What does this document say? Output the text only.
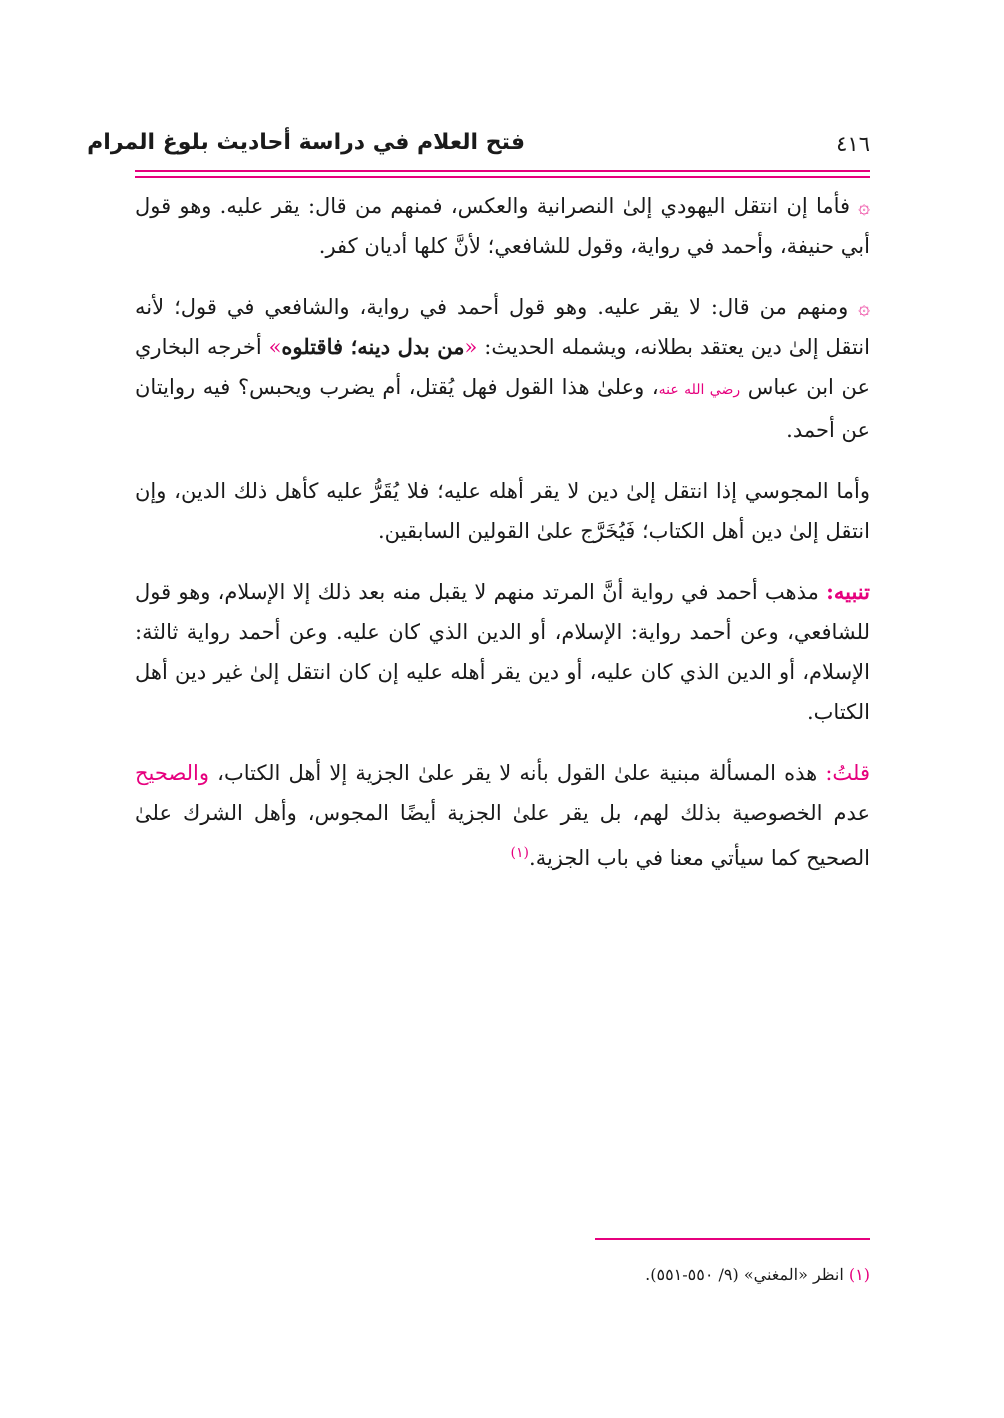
فتح العلام في دراسة أحاديث بلوغ المرام	٤١٦

۞ فأما إن انتقل اليهودي إلىٰ النصرانية والعكس، فمنهم من قال: يقر عليه. وهو قول أبي حنيفة، وأحمد في رواية، وقول للشافعي؛ لأنَّ كلها أديان كفر.

۞ ومنهم من قال: لا يقر عليه. وهو قول أحمد في رواية، والشافعي في قول؛ لأنه انتقل إلىٰ دين يعتقد بطلانه، ويشمله الحديث: «من بدل دينه؛ فاقتلوه» أخرجه البخاري عن ابن عباس رضي الله عنه، وعلىٰ هذا القول فهل يُقتل، أم يضرب ويحبس؟ فيه روايتان عن أحمد.

وأما المجوسي إذا انتقل إلىٰ دين لا يقر أهله عليه؛ فلا يُقَرُّ عليه كأهل ذلك الدين، وإن انتقل إلىٰ دين أهل الكتاب؛ فَيُخَرَّج علىٰ القولين السابقين.

تنبيه: مذهب أحمد في رواية أنَّ المرتد منهم لا يقبل منه بعد ذلك إلا الإسلام، وهو قول للشافعي، وعن أحمد رواية: الإسلام، أو الدين الذي كان عليه. وعن أحمد رواية ثالثة: الإسلام، أو الدين الذي كان عليه، أو دين يقر أهله عليه إن كان انتقل إلىٰ غير دين أهل الكتاب.

قلتُ: هذه المسألة مبنية علىٰ القول بأنه لا يقر علىٰ الجزية إلا أهل الكتاب، والصحيح عدم الخصوصية بذلك لهم، بل يقر علىٰ الجزية أيضًا المجوس، وأهل الشرك علىٰ الصحيح كما سيأتي معنا في باب الجزية.$^{(١)}$

(١) انظر «المغني» (٩/ ٥٥٠-٥٥١).
